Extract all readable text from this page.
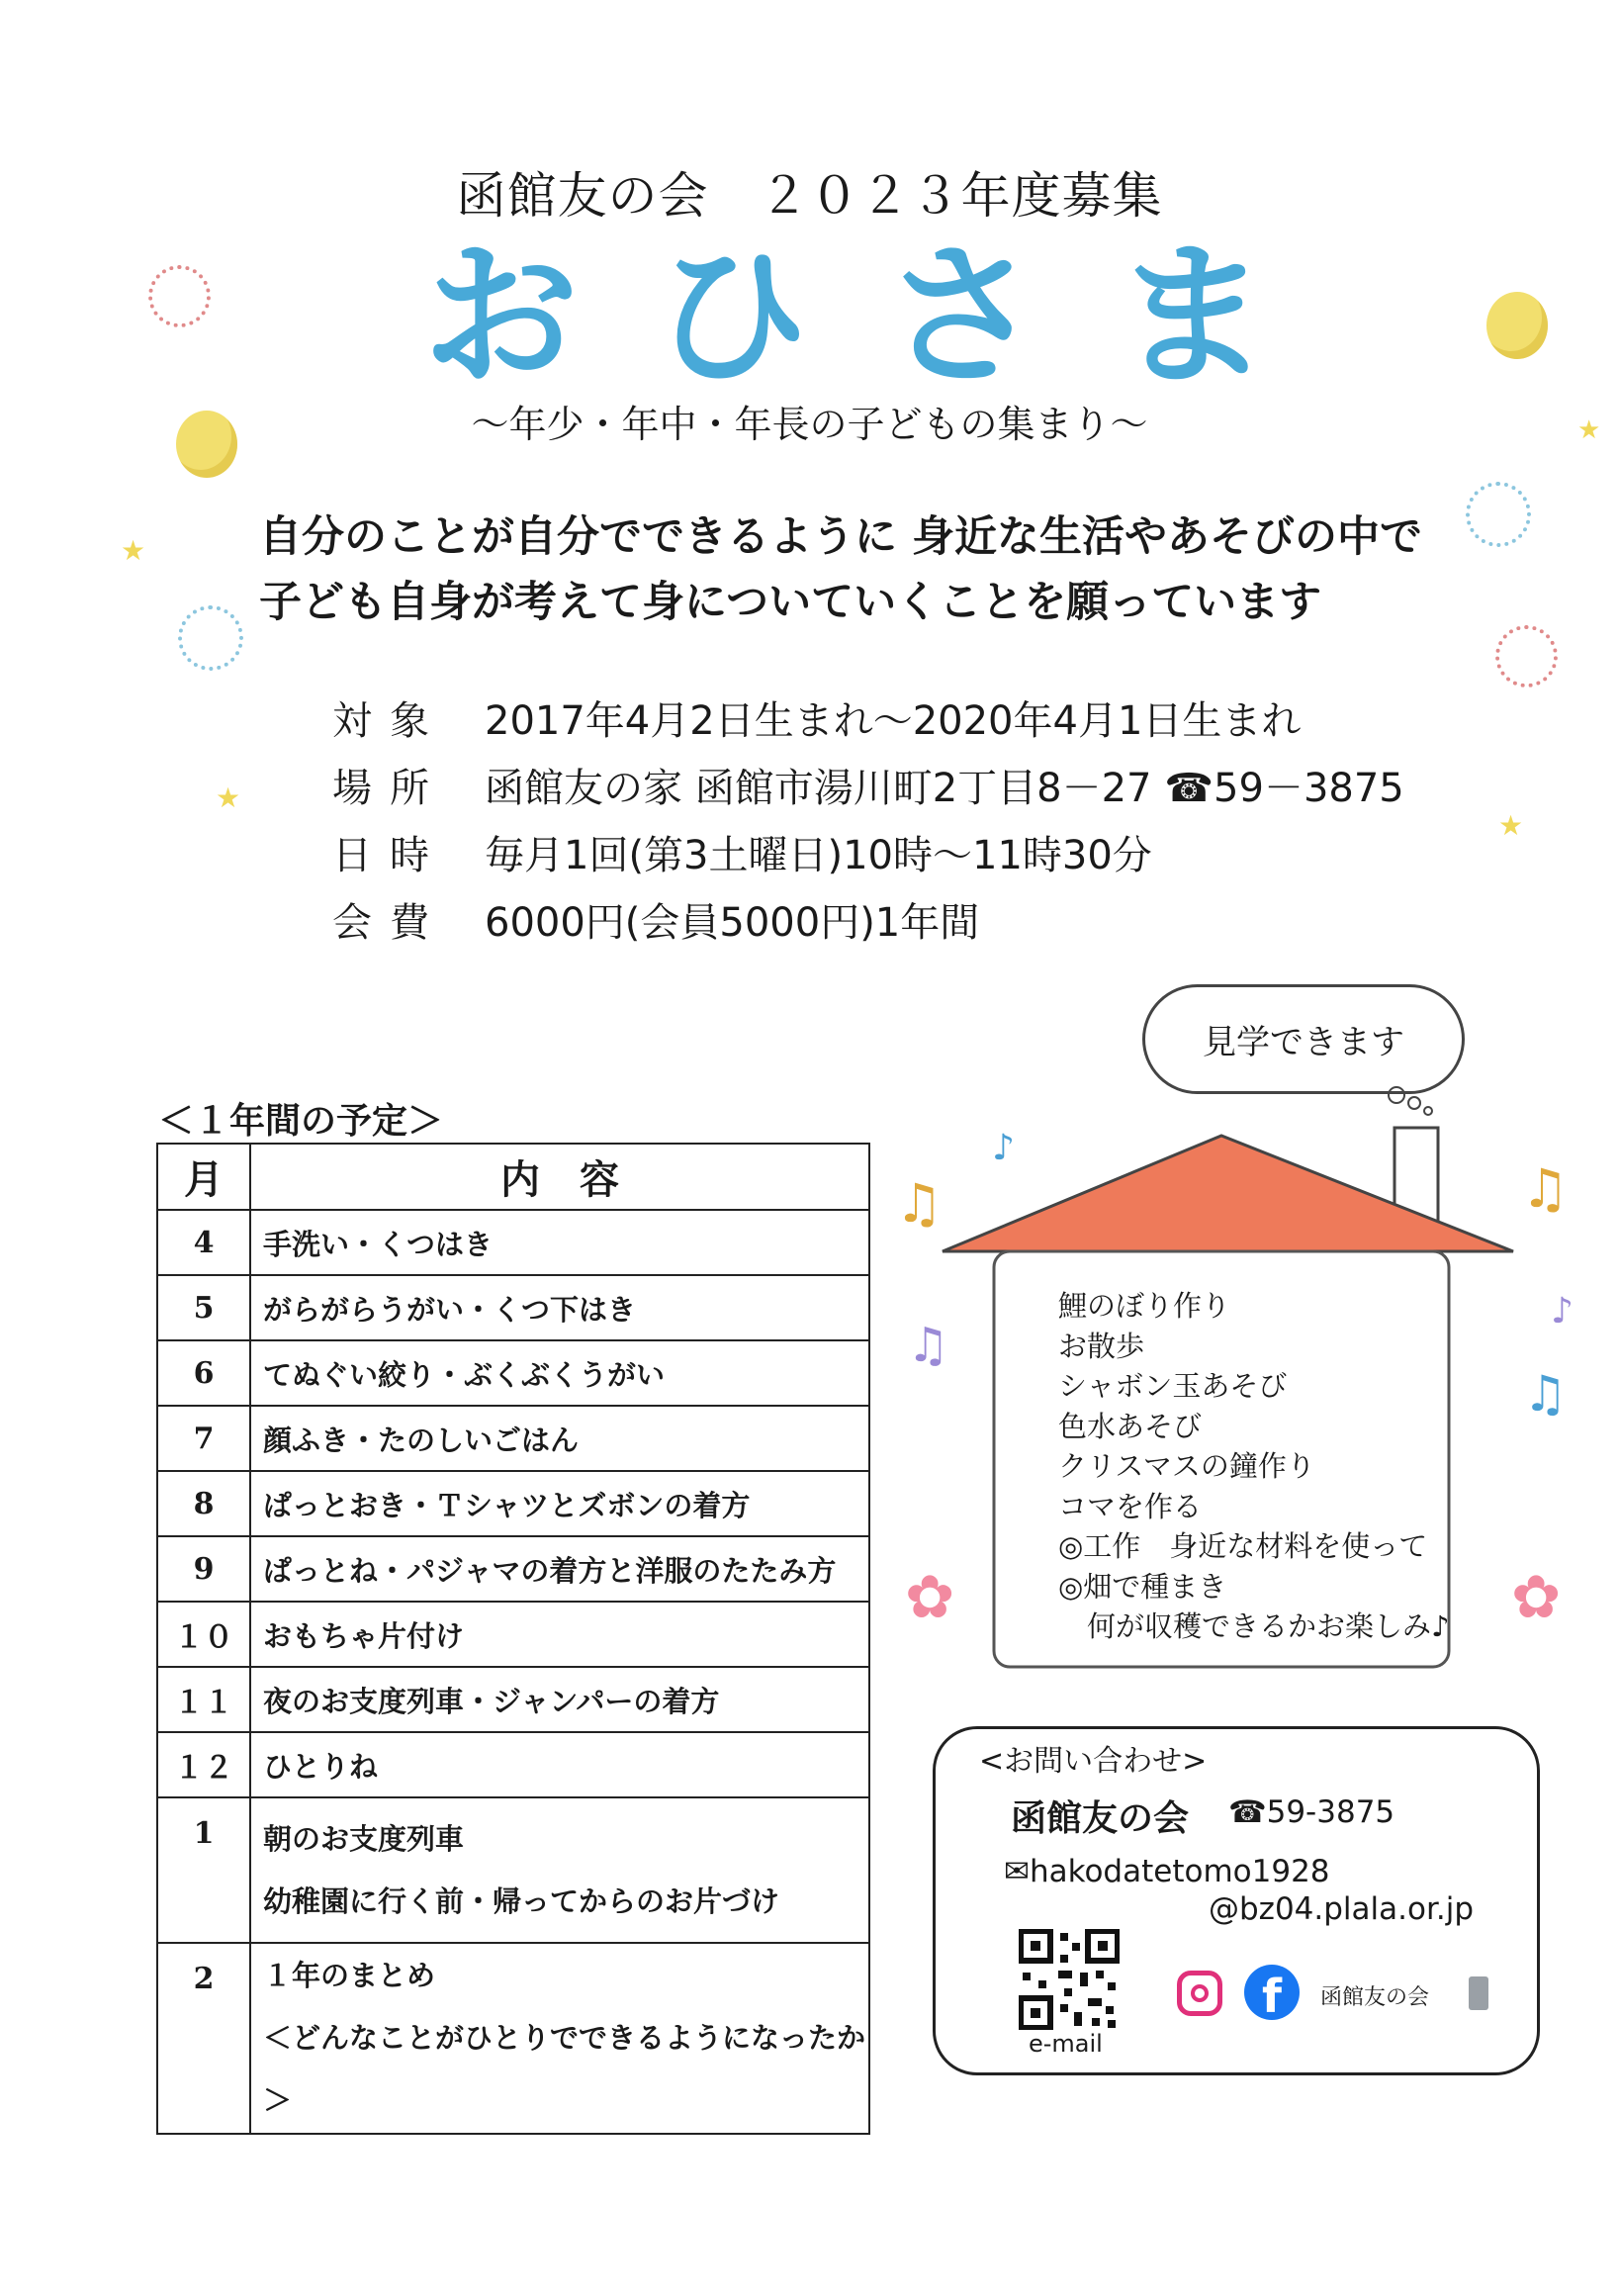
★
★
★
★
函館友の会　２０２３年度募集
おひさま
～年少・年中・年長の子どもの集まり～
自分のことが自分でできるように 身近な生活やあそびの中で
子ども自身が考えて身についていくことを願っています
対象 2017年4月2日生まれ～2020年4月1日生まれ
場所 函館友の家 函館市湯川町2丁目8－27 ☎59－3875
日時 毎月1回(第3土曜日)10時～11時30分
会費 6000円(会員5000円)1年間
＜１年間の予定＞
月	内　容
4	手洗い・くつはき
5	がらがらうがい・くつ下はき
6	てぬぐい絞り・ぶくぶくうがい
7	顔ふき・たのしいごはん
8	ぱっとおき・Ｔシャツとズボンの着方
9	ぱっとね・パジャマの着方と洋服のたたみ方
１０	おもちゃ片付け
１１	夜のお支度列車・ジャンパーの着方
１２	ひとりね
1	朝のお支度列車
幼稚園に行く前・帰ってからのお片づけ

2	１年のまとめ
＜どんなことがひとりでできるようになったか＞
見学できます
鯉のぼり作り
お散歩
シャボン玉あそび
色水あそび
クリスマスの鐘作り
コマを作る
◎工作　身近な材料を使って
◎畑で種まき
　何が収穫できるかお楽しみ♪
♫
♪
♫
♫
♪
♫
✿	✿
<お問い合わせ>
函館友の会 ☎59-3875
✉hakodatetomo1928
@bz04.plala.or.jp
e-mail
f	函館友の会
